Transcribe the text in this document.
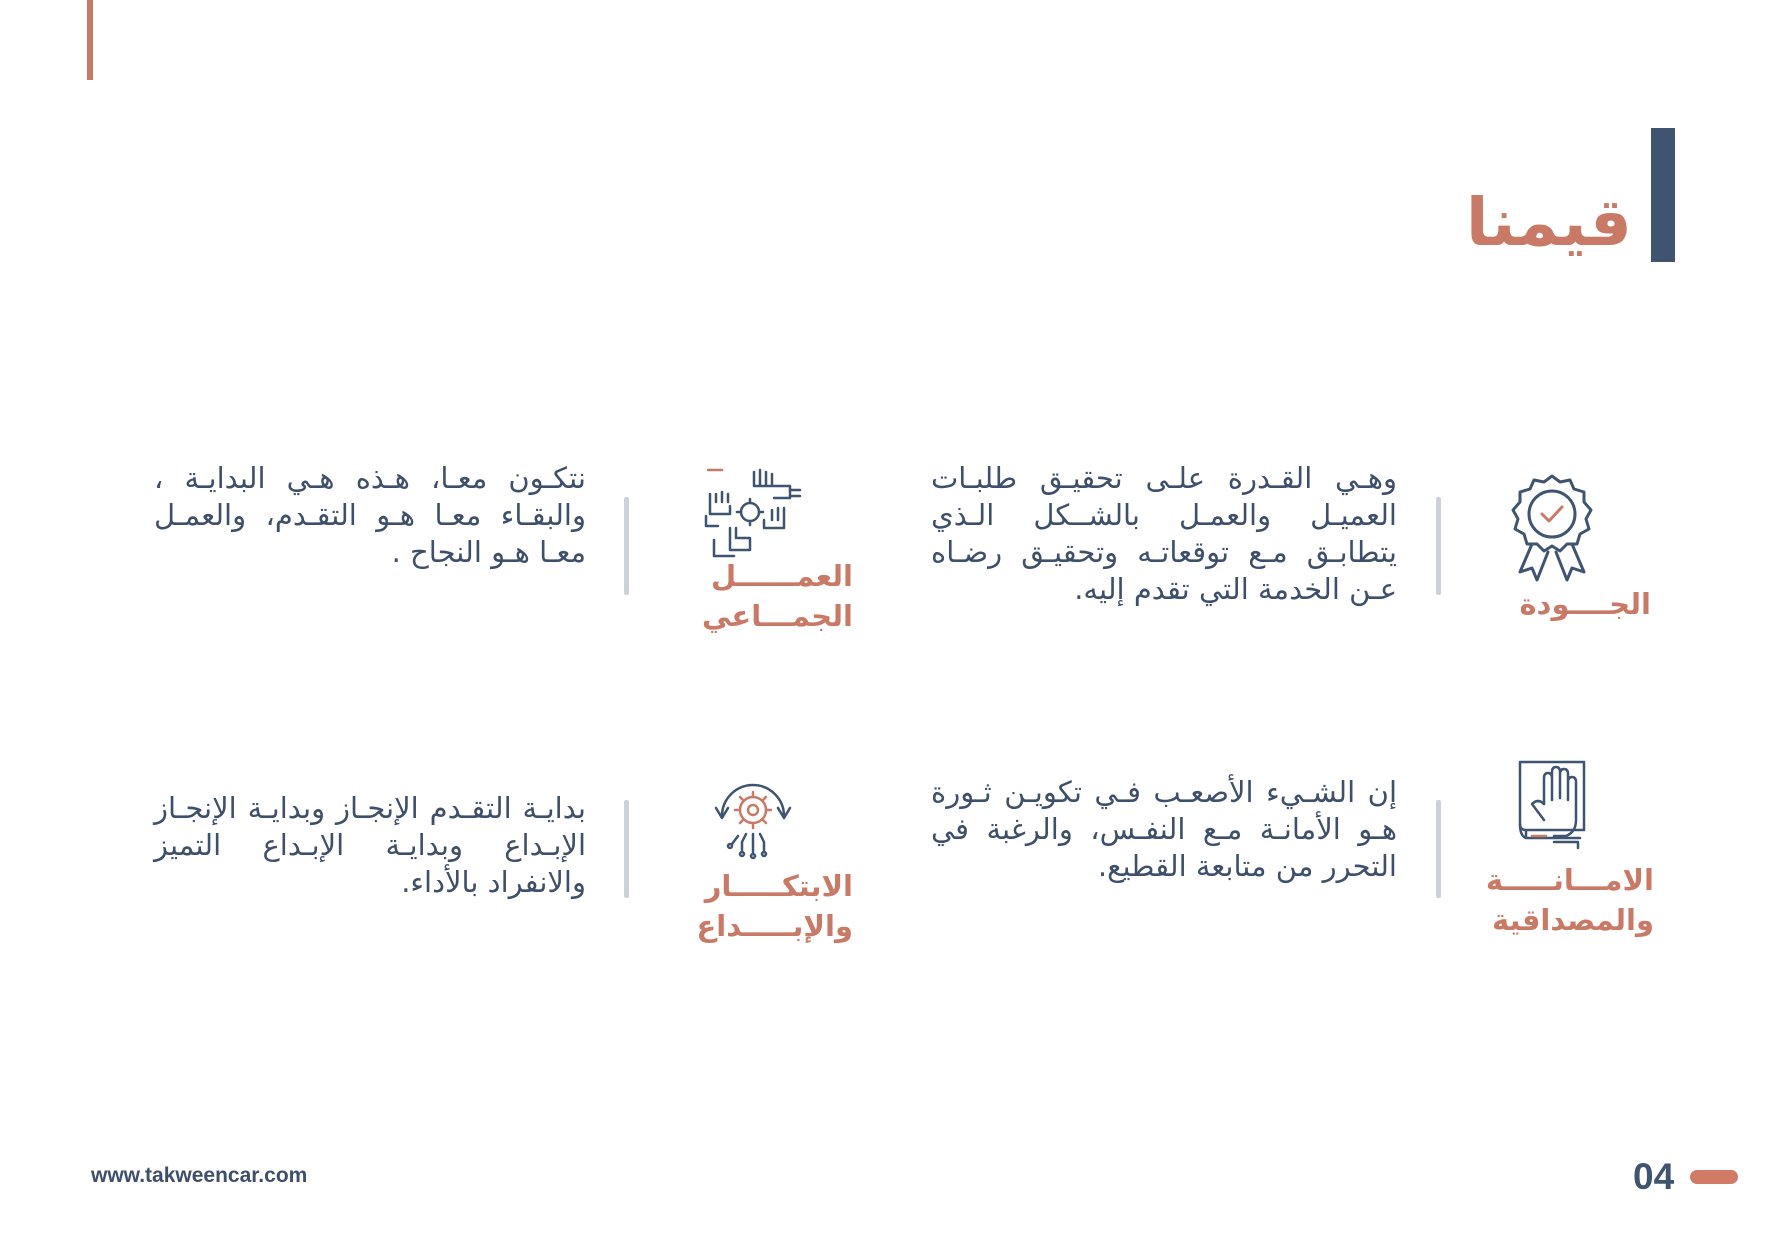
قيمنا
الجــــودة
وهـي القـدرة علـى تحقيـق طلبـات العميـل والعمـل بالشــكل الـذي يتطابـق مـع توقعاتـه وتحقيـق رضـاه عـن الخدمة التي تقدم إليه.
العمــــــل
الجمـــاعي
نتكـون معـا، هـذه هـي البدايـة ، والبقـاء معـا هـو التقـدم، والعمـل معـا هـو النجاح .
الامـــانـــــة
والمصداقية
إن الشـيء الأصعـب فـي تكويـن ثـورة هـو الأمانـة مـع النفـس، والرغبة في التحرر من متابعة القطيع.
الابتكـــــار
والإبـــــداع
بدايـة التقـدم الإنجـاز وبدايـة الإنجـاز الإبـداع وبدايـة الإبـداع التميز والانفراد بالأداء.
www.takweencar.com	04
